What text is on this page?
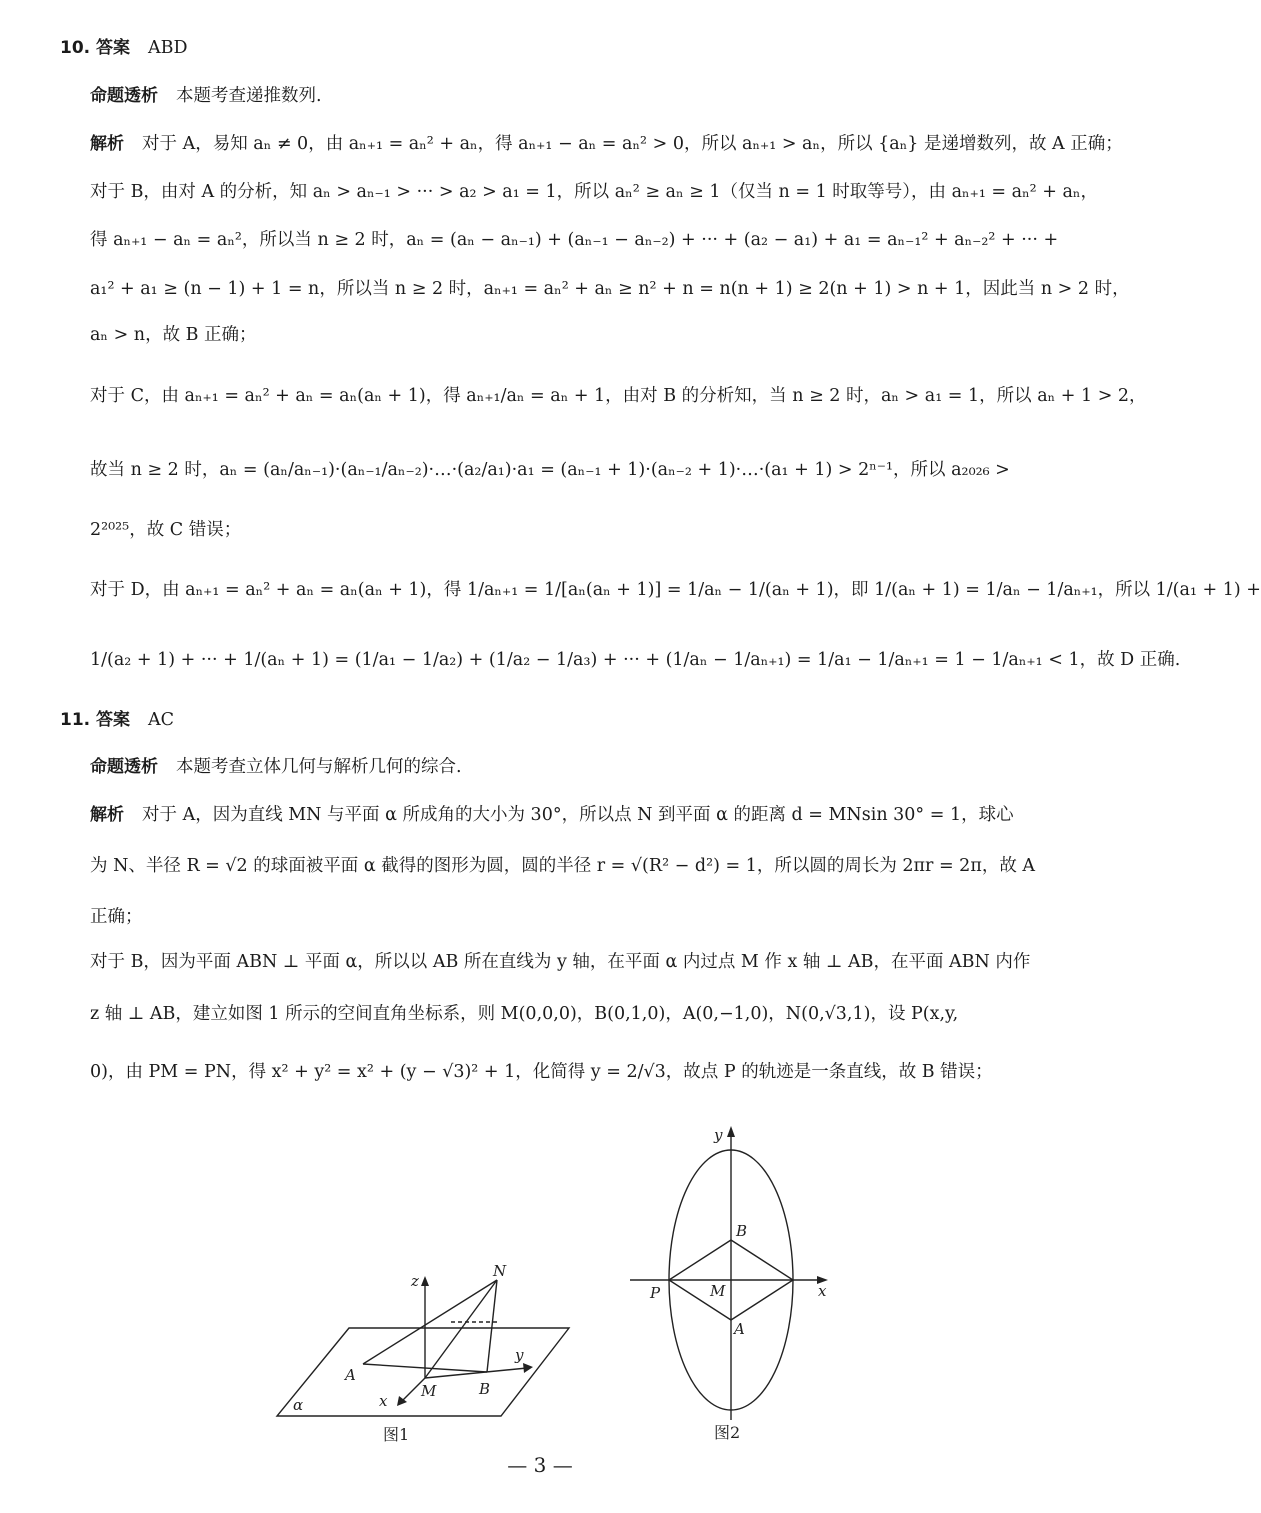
10. 答案 ABD
命题透析 本题考查递推数列.
解析 对于 A，易知 aₙ ≠ 0，由 aₙ₊₁ = aₙ² + aₙ，得 aₙ₊₁ − aₙ = aₙ² > 0，所以 aₙ₊₁ > aₙ，所以 {aₙ} 是递增数列，故 A 正确；
对于 B，由对 A 的分析，知 aₙ > aₙ₋₁ > ··· > a₂ > a₁ = 1，所以 aₙ² ≥ aₙ ≥ 1（仅当 n = 1 时取等号），由 aₙ₊₁ = aₙ² + aₙ，
得 aₙ₊₁ − aₙ = aₙ²，所以当 n ≥ 2 时，aₙ = (aₙ − aₙ₋₁) + (aₙ₋₁ − aₙ₋₂) + ··· + (a₂ − a₁) + a₁ = aₙ₋₁² + aₙ₋₂² + ··· +
a₁² + a₁ ≥ (n − 1) + 1 = n，所以当 n ≥ 2 时，aₙ₊₁ = aₙ² + aₙ ≥ n² + n = n(n + 1) ≥ 2(n + 1) > n + 1，因此当 n > 2 时，
aₙ > n，故 B 正确；
对于 C，由 aₙ₊₁ = aₙ² + aₙ = aₙ(aₙ + 1)，得 aₙ₊₁/aₙ = aₙ + 1，由对 B 的分析知，当 n ≥ 2 时，aₙ > a₁ = 1，所以 aₙ + 1 > 2，
故当 n ≥ 2 时，aₙ = (aₙ/aₙ₋₁)·(aₙ₋₁/aₙ₋₂)·…·(a₂/a₁)·a₁ = (aₙ₋₁ + 1)·(aₙ₋₂ + 1)·…·(a₁ + 1) > 2ⁿ⁻¹，所以 a₂₀₂₆ >
2²⁰²⁵，故 C 错误；
对于 D，由 aₙ₊₁ = aₙ² + aₙ = aₙ(aₙ + 1)，得 1/aₙ₊₁ = 1/[aₙ(aₙ + 1)] = 1/aₙ − 1/(aₙ + 1)，即 1/(aₙ + 1) = 1/aₙ − 1/aₙ₊₁，所以 1/(a₁ + 1) +
1/(a₂ + 1) + ··· + 1/(aₙ + 1) = (1/a₁ − 1/a₂) + (1/a₂ − 1/a₃) + ··· + (1/aₙ − 1/aₙ₊₁) = 1/a₁ − 1/aₙ₊₁ = 1 − 1/aₙ₊₁ < 1，故 D 正确.
11. 答案 AC
命题透析 本题考查立体几何与解析几何的综合.
解析 对于 A，因为直线 MN 与平面 α 所成角的大小为 30°，所以点 N 到平面 α 的距离 d = MNsin 30° = 1，球心
为 N、半径 R = √2 的球面被平面 α 截得的图形为圆，圆的半径 r = √(R² − d²) = 1，所以圆的周长为 2πr = 2π，故 A
正确；
对于 B，因为平面 ABN ⊥ 平面 α，所以以 AB 所在直线为 y 轴，在平面 α 内过点 M 作 x 轴 ⊥ AB，在平面 ABN 内作
z 轴 ⊥ AB，建立如图 1 所示的空间直角坐标系，则 M(0,0,0)，B(0,1,0)，A(0,−1,0)，N(0,√3,1)，设 P(x,y,
0)，由 PM = PN，得 x² + y² = x² + (y − √3)² + 1，化简得 y = 2/√3，故点 P 的轨迹是一条直线，故 B 错误；
z
N
y
A
M	B
x
α
图1
y
B
P	M	x
A
图2
— 3 —
